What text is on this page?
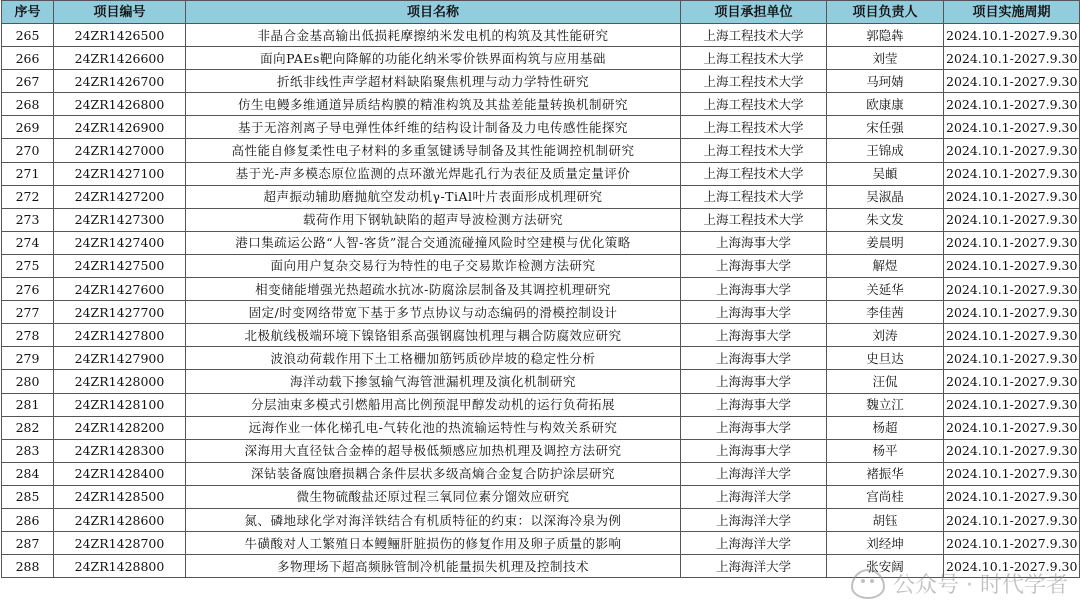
序号	项目编号	项目名称	项目承担单位	项目负责人	项目实施周期
265	24ZR1426500	非晶合金基高输出低损耗摩擦纳米发电机的构筑及其性能研究	上海工程技术大学	郭隐犇	2024.10.1-2027.9.30
266	24ZR1426600	面向PAEs靶向降解的功能化纳米零价铁界面构筑与应用基础	上海工程技术大学	刘莹	2024.10.1-2027.9.30
267	24ZR1426700	折纸非线性声学超材料缺陷聚焦机理与动力学特性研究	上海工程技术大学	马珂婧	2024.10.1-2027.9.30
268	24ZR1426800	仿生电鳗多维通道异质结构膜的精准构筑及其盐差能量转换机制研究	上海工程技术大学	欧康康	2024.10.1-2027.9.30
269	24ZR1426900	基于无溶剂离子导电弹性体纤维的结构设计制备及力电传感性能探究	上海工程技术大学	宋任强	2024.10.1-2027.9.30
270	24ZR1427000	高性能自修复柔性电子材料的多重氢键诱导制备及其性能调控机制研究	上海工程技术大学	王锦成	2024.10.1-2027.9.30
271	24ZR1427100	基于光-声多模态原位监测的点环激光焊匙孔行为表征及质量定量评价	上海工程技术大学	吴頔	2024.10.1-2027.9.30
272	24ZR1427200	超声振动辅助磨抛航空发动机γ-TiAl叶片表面形成机理研究	上海工程技术大学	吴淑晶	2024.10.1-2027.9.30
273	24ZR1427300	载荷作用下钢轨缺陷的超声导波检测方法研究	上海工程技术大学	朱文发	2024.10.1-2027.9.30
274	24ZR1427400	港口集疏运公路“人智-客货”混合交通流碰撞风险时空建模与优化策略	上海海事大学	姜晨明	2024.10.1-2027.9.30
275	24ZR1427500	面向用户复杂交易行为特性的电子交易欺诈检测方法研究	上海海事大学	解煜	2024.10.1-2027.9.30
276	24ZR1427600	相变储能增强光热超疏水抗冰-防腐涂层制备及其调控机理研究	上海海事大学	关延华	2024.10.1-2027.9.30
277	24ZR1427700	固定/时变网络带宽下基于多节点协议与动态编码的滑模控制设计	上海海事大学	李佳茜	2024.10.1-2027.9.30
278	24ZR1427800	北极航线极端环境下镍铬钼系高强钢腐蚀机理与耦合防腐效应研究	上海海事大学	刘涛	2024.10.1-2027.9.30
279	24ZR1427900	波浪动荷载作用下土工格栅加筋钙质砂岸坡的稳定性分析	上海海事大学	史旦达	2024.10.1-2027.9.30
280	24ZR1428000	海洋动载下掺氢输气海管泄漏机理及演化机制研究	上海海事大学	汪侃	2024.10.1-2027.9.30
281	24ZR1428100	分层油束多模式引燃船用高比例预混甲醇发动机的运行负荷拓展	上海海事大学	魏立江	2024.10.1-2027.9.30
282	24ZR1428200	远海作业一体化梯孔电-气转化池的热流输运特性与构效关系研究	上海海事大学	杨超	2024.10.1-2027.9.30
283	24ZR1428300	深海用大直径钛合金棒的超导极低频感应加热机理及调控方法研究	上海海事大学	杨平	2024.10.1-2027.9.30
284	24ZR1428400	深钻装备腐蚀磨损耦合条件层状多级高熵合金复合防护涂层研究	上海海洋大学	褚振华	2024.10.1-2027.9.30
285	24ZR1428500	微生物硫酸盐还原过程三氧同位素分馏效应研究	上海海洋大学	宫尚桂	2024.10.1-2027.9.30
286	24ZR1428600	氮、磷地球化学对海洋铁结合有机质特征的约束：以深海冷泉为例	上海海洋大学	胡钰	2024.10.1-2027.9.30
287	24ZR1428700	牛磺酸对人工繁殖日本鳗鲡肝脏损伤的修复作用及卵子质量的影响	上海海洋大学	刘经坤	2024.10.1-2027.9.30
288	24ZR1428800	多物理场下超高频脉管制冷机能量损失机理及控制技术	上海海洋大学	张安阔	2024.10.1-2027.9.30
公众号 · 时代学者
